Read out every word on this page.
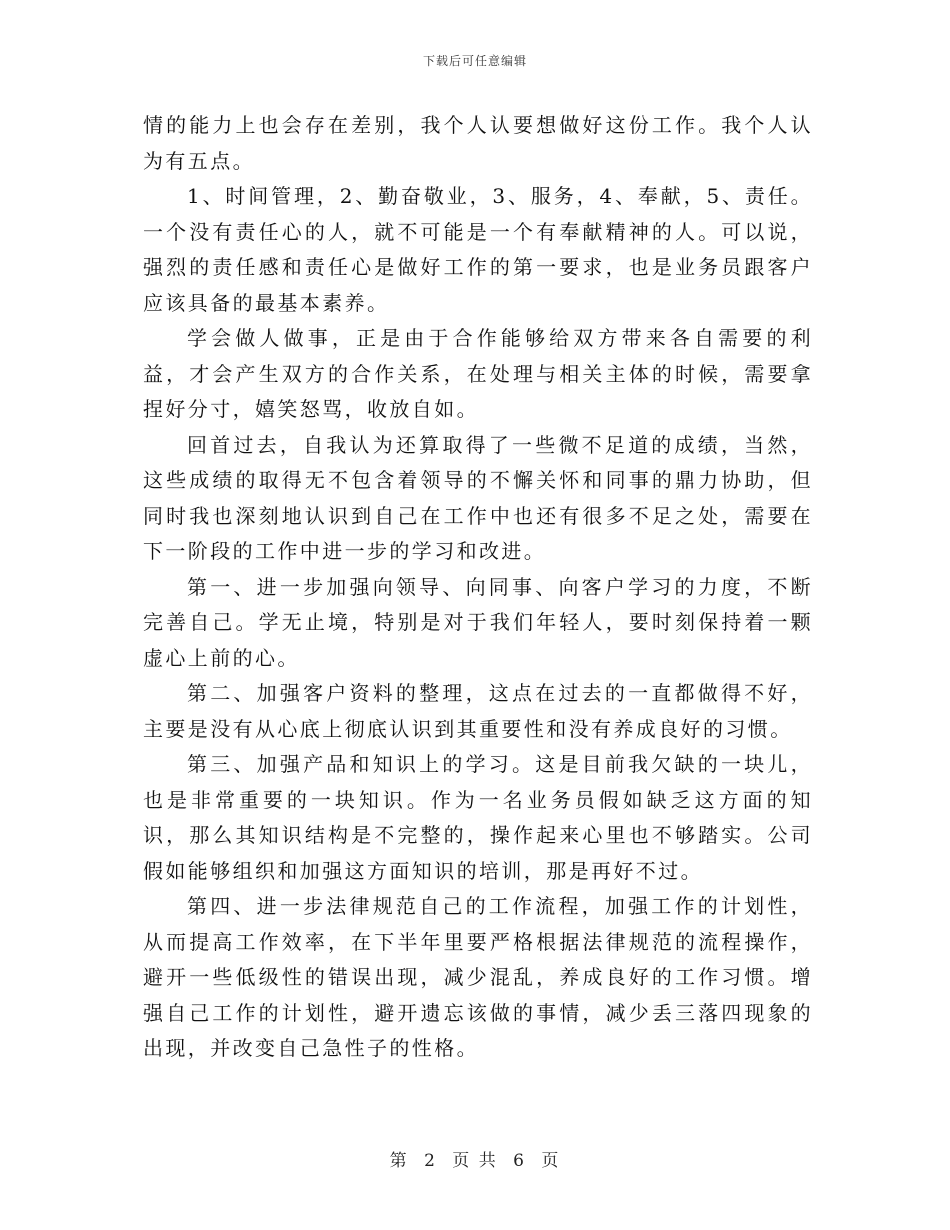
下载后可任意编辑

情的能力上也会存在差别，我个人认要想做好这份工作。我个人认为有五点。

1、时间管理，2、勤奋敬业，3、服务，4、奉献，5、责任。一个没有责任心的人，就不可能是一个有奉献精神的人。可以说，强烈的责任感和责任心是做好工作的第一要求，也是业务员跟客户应该具备的最基本素养。

学会做人做事，正是由于合作能够给双方带来各自需要的利益，才会产生双方的合作关系，在处理与相关主体的时候，需要拿捏好分寸，嬉笑怒骂，收放自如。

回首过去，自我认为还算取得了一些微不足道的成绩，当然，这些成绩的取得无不包含着领导的不懈关怀和同事的鼎力协助，但同时我也深刻地认识到自己在工作中也还有很多不足之处，需要在下一阶段的工作中进一步的学习和改进。

第一、进一步加强向领导、向同事、向客户学习的力度，不断完善自己。学无止境，特别是对于我们年轻人，要时刻保持着一颗虚心上前的心。

第二、加强客户资料的整理，这点在过去的一直都做得不好，主要是没有从心底上彻底认识到其重要性和没有养成良好的习惯。

第三、加强产品和知识上的学习。这是目前我欠缺的一块儿，也是非常重要的一块知识。作为一名业务员假如缺乏这方面的知识，那么其知识结构是不完整的，操作起来心里也不够踏实。公司假如能够组织和加强这方面知识的培训，那是再好不过。

第四、进一步法律规范自己的工作流程，加强工作的计划性，从而提高工作效率，在下半年里要严格根据法律规范的流程操作，避开一些低级性的错误出现，减少混乱，养成良好的工作习惯。增强自己工作的计划性，避开遗忘该做的事情，减少丢三落四现象的出现，并改变自己急性子的性格。

第 2 页 共 6 页
